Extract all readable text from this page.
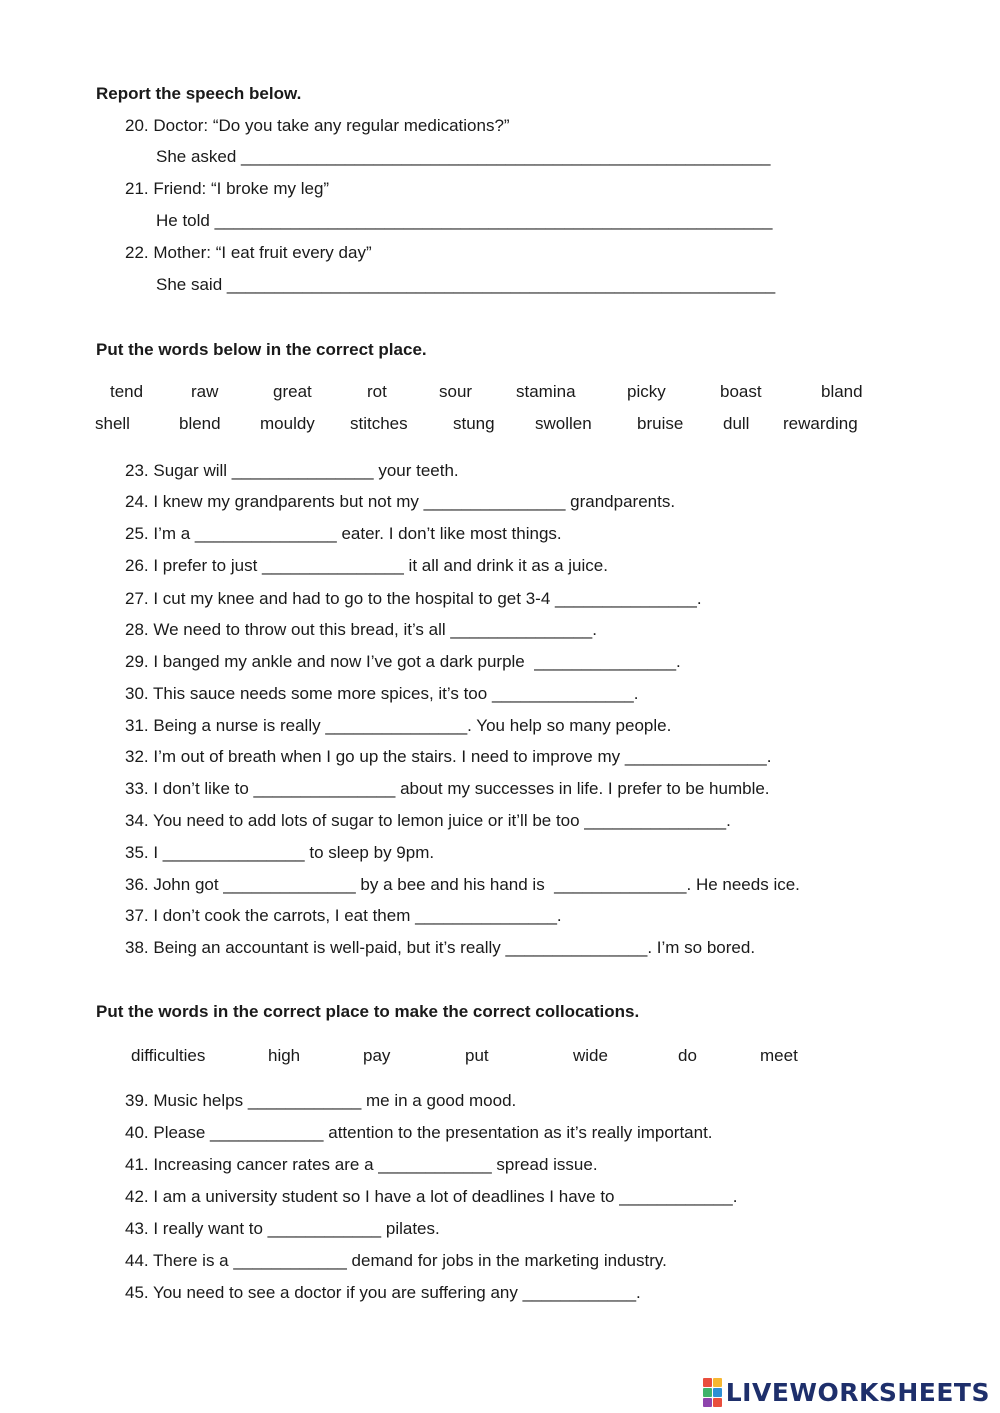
Report the speech below.

20. Doctor: “Do you take any regular medications?”

She asked ________________________________________________________

21. Friend: “I broke my leg”

He told ___________________________________________________________

22. Mother: “I eat fruit every day”

She said __________________________________________________________

Put the words below in the correct place.

tend	raw	great	rot	sour	stamina	picky	boast	bland
shell	blend mouldy stitches	stung swollen	bruise dull rewarding

23. Sugar will _______________ your teeth.

24. I knew my grandparents but not my _______________ grandparents.

25. I’m a _______________ eater. I don’t like most things.

26. I prefer to just _______________ it all and drink it as a juice.

27. I cut my knee and had to go to the hospital to get 3-4 _______________.

28. We need to throw out this bread, it’s all _______________.

29. I banged my ankle and now I’ve got a dark purple  _______________.

30. This sauce needs some more spices, it’s too _______________.

31. Being a nurse is really _______________. You help so many people.

32. I’m out of breath when I go up the stairs. I need to improve my _______________.

33. I don’t like to _______________ about my successes in life. I prefer to be humble.

34. You need to add lots of sugar to lemon juice or it’ll be too _______________.

35. I _______________ to sleep by 9pm.

36. John got ______________ by a bee and his hand is  ______________. He needs ice.

37. I don’t cook the carrots, I eat them _______________.

38. Being an accountant is well-paid, but it’s really _______________. I’m so bored.

Put the words in the correct place to make the correct collocations.

difficulties	high	pay	put	wide	do	meet

39. Music helps ____________ me in a good mood.

40. Please ____________ attention to the presentation as it’s really important.

41. Increasing cancer rates are a ____________ spread issue.

42. I am a university student so I have a lot of deadlines I have to ____________.

43. I really want to ____________ pilates.

44. There is a ____________ demand for jobs in the marketing industry.

45. You need to see a doctor if you are suffering any ____________.

LIVEWORKSHEETS
